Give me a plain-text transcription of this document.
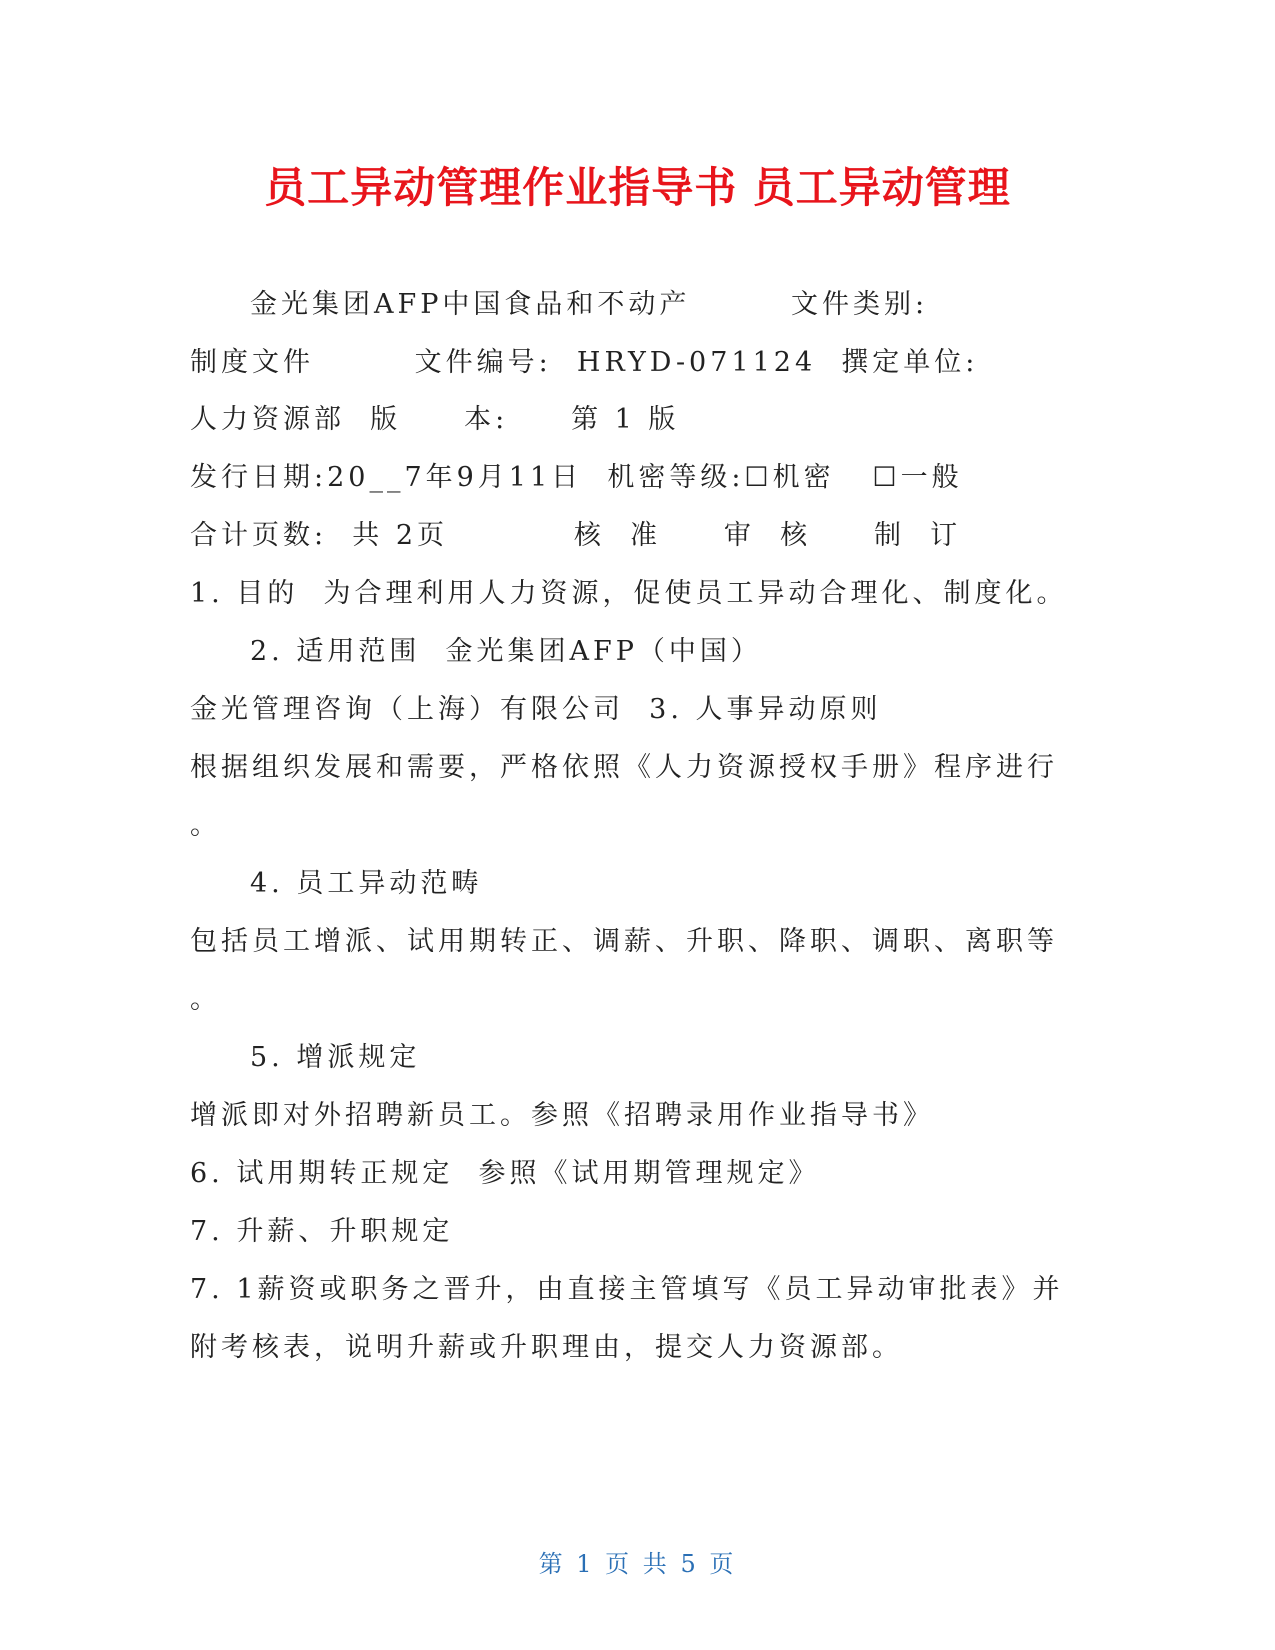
员工异动管理作业指导书 员工异动管理
金光集团AFP中国食品和不动产        文件类别:
制度文件        文件编号:  HRYD-071124  撰定单位:
人力资源部  版     本:     第 1 版
发行日期:20__7年9月11日  机密等级:☐机密   ☐一般
合计页数:  共 2页          核  准     审  核     制  订
1. 目的  为合理利用人力资源，促使员工异动合理化、制度化。
2. 适用范围  金光集团AFP（中国）
金光管理咨询（上海）有限公司  3. 人事异动原则
根据组织发展和需要，严格依照《人力资源授权手册》程序进行
。
4. 员工异动范畴
包括员工增派、试用期转正、调薪、升职、降职、调职、离职等
。
5. 增派规定
增派即对外招聘新员工。参照《招聘录用作业指导书》
6. 试用期转正规定  参照《试用期管理规定》
7. 升薪、升职规定
7. 1薪资或职务之晋升，由直接主管填写《员工异动审批表》并
附考核表，说明升薪或升职理由，提交人力资源部。
第 1 页 共 5 页
